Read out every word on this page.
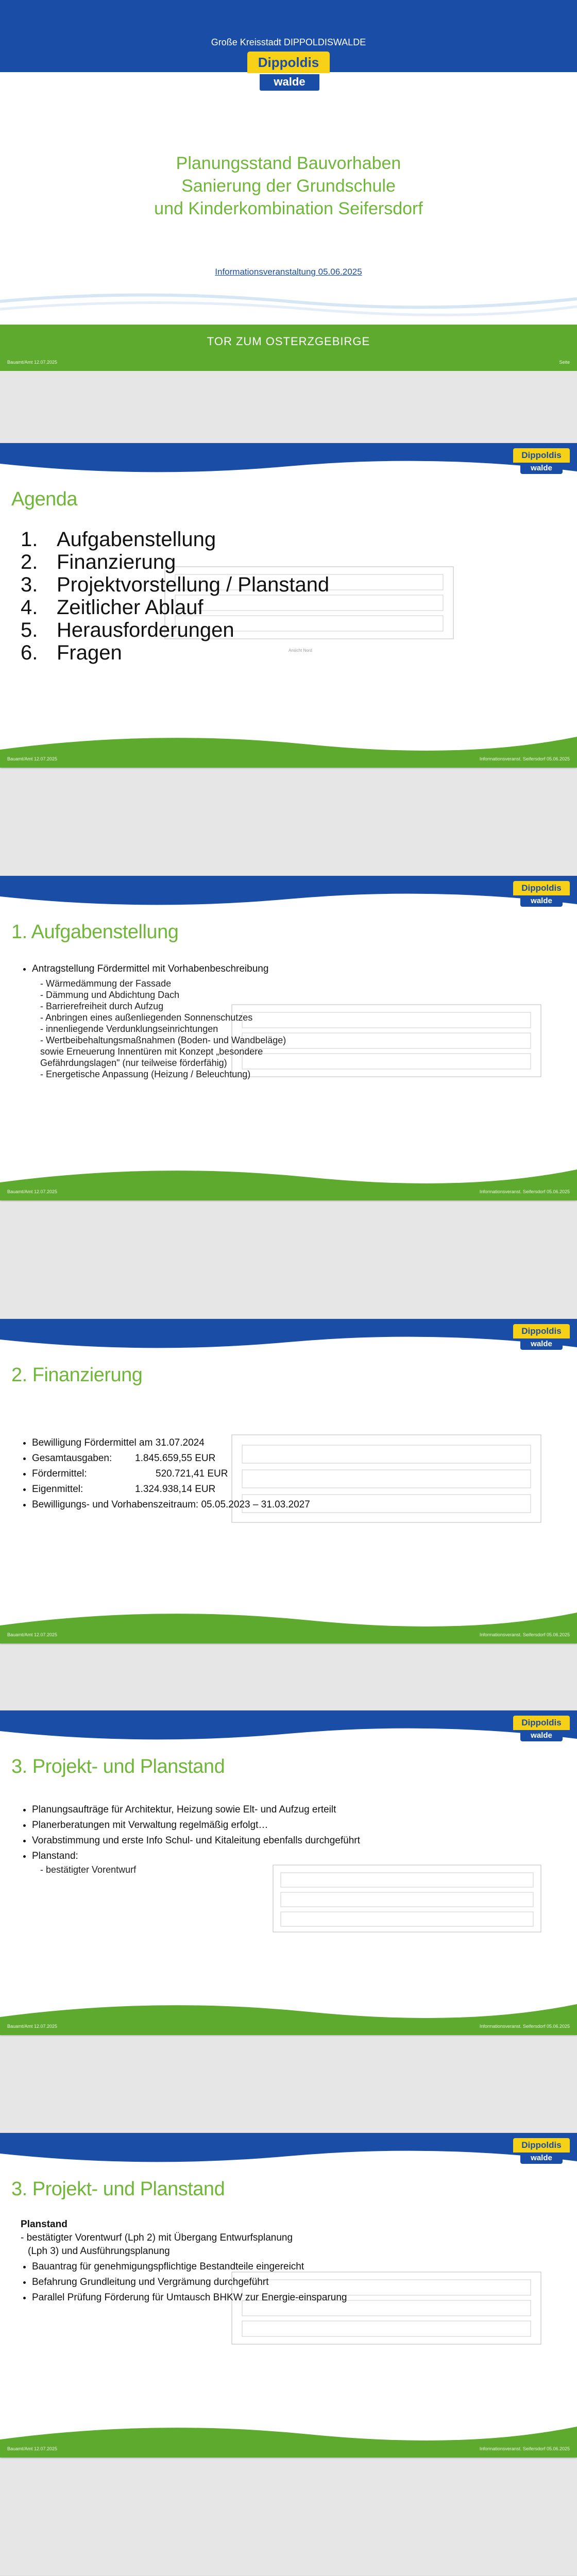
Große Kreisstadt DIPPOLDISWALDE
Dippoldis
walde
Planungsstand Bauvorhaben
Sanierung der Grundschule
und Kinderkombination Seifersdorf
Informationsveranstaltung 05.06.2025
TOR ZUM OSTERZGEBIRGE
Bauamt/Amt 12.07.2025	Seite
Dippoldis
walde
Agenda
Ansicht Nord
1. Aufgabenstellung
2. Finanzierung
3. Projektvorstellung / Planstand
4. Zeitlicher Ablauf
5. Herausforderungen
6. Fragen
Bauamt/Amt 12.07.2025	Informationsveranst. Seifersdorf 05.06.2025
Dippoldis
walde
1. Aufgabenstellung
• Antragstellung Fördermittel mit Vorhabenbeschreibung
- Wärmedämmung der Fassade
- Dämmung und Abdichtung Dach
- Barrierefreiheit durch Aufzug
- Anbringen eines außenliegenden Sonnenschutzes
- innenliegende Verdunklungseinrichtungen
- Wertbeibehaltungsmaßnahmen (Boden- und Wandbeläge)
sowie Erneuerung Innentüren mit Konzept „besondere
Gefährdungslagen" (nur teilweise förderfähig)
- Energetische Anpassung (Heizung / Beleuchtung)
Bauamt/Amt 12.07.2025	Informationsveranst. Seifersdorf 05.06.2025
Dippoldis
walde
2. Finanzierung
• Bewilligung Fördermittel am 31.07.2024
• Gesamtausgaben: 1.845.659,55 EUR
• Fördermittel:	520.721,41 EUR
• Eigenmittel:	1.324.938,14 EUR
• Bewilligungs- und Vorhabenszeitraum: 05.05.2023 – 31.03.2027
Bauamt/Amt 12.07.2025	Informationsveranst. Seifersdorf 05.06.2025
Dippoldis
walde
3. Projekt- und Planstand
• Planungsaufträge für Architektur, Heizung sowie Elt- und Aufzug erteilt
• Planerberatungen mit Verwaltung regelmäßig erfolgt…
• Vorabstimmung und erste Info Schul- und Kitaleitung ebenfalls durchgeführt
• Planstand:
- bestätigter Vorentwurf
Bauamt/Amt 12.07.2025	Informationsveranst. Seifersdorf 05.06.2025
Dippoldis
walde
3. Projekt- und Planstand
Planstand
- bestätigter Vorentwurf (Lph 2) mit Übergang Entwurfsplanung
(Lph 3) und Ausführungsplanung
• Bauantrag für genehmigungspflichtige Bestandteile eingereicht
• Befahrung Grundleitung und Vergrämung durchgeführt
• Parallel Prüfung Förderung für Umtausch BHKW zur Energie-einsparung
Bauamt/Amt 12.07.2025	Informationsveranst. Seifersdorf 05.06.2025
